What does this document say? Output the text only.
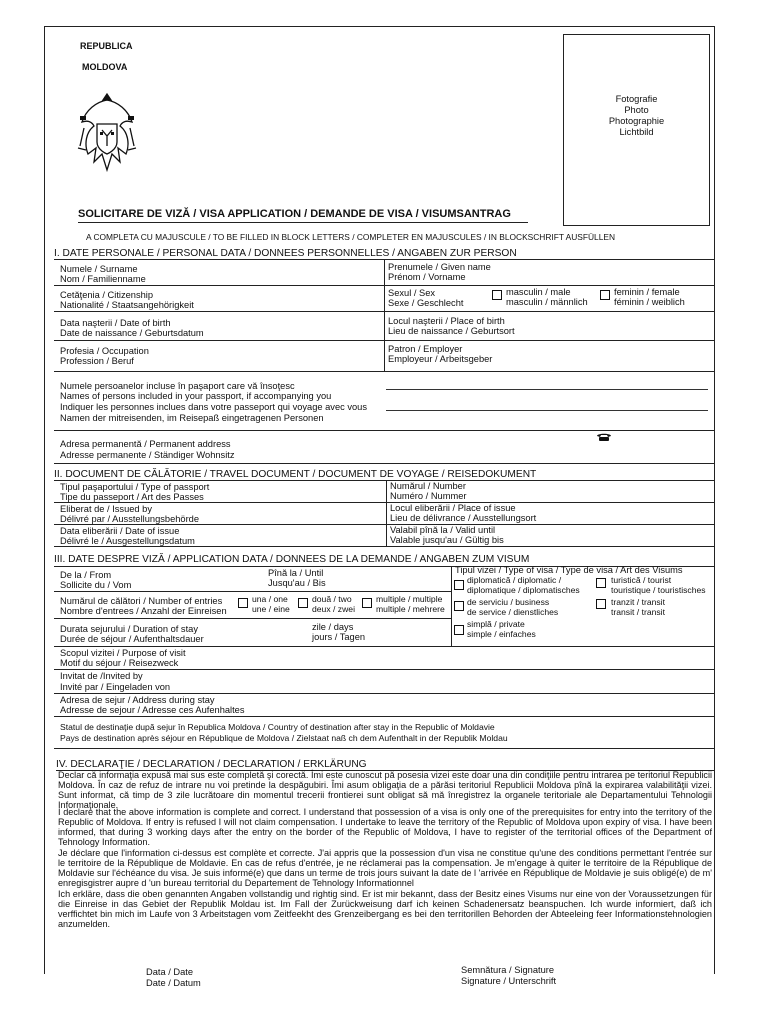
REPUBLICA
MOLDOVA
Fotografie
Photo
Photographie
Lichtbild
SOLICITARE DE VIZĂ / VISA APPLICATION / DEMANDE DE VISA / VISUMSANTRAG
A COMPLETA CU MAJUSCULE / TO BE FILLED IN BLOCK LETTERS / COMPLETER EN MAJUSCULES / IN BLOCKSCHRIFT AUSFÜLLEN
I. DATE PERSONALE / PERSONAL DATA / DONNEES PERSONNELLES / ANGABEN ZUR PERSON
Numele / Surname
Nom / Familienname
Prenumele / Given name
Prénom / Vorname
Cetăţenia / Citizenship
Nationalité / Staatsangehörigkeit
Sexul / Sex
Sexe / Geschlecht
masculin / male
masculin / männlich
feminin / female
féminin / weiblich
Data naşterii / Date of birth
Date de naissance / Geburtsdatum
Locul naşterii / Place of birth
Lieu de naissance / Geburtsort
Profesia / Occupation
Profession / Beruf
Patron / Employer
Employeur / Arbeitsgeber
Numele persoanelor incluse în paşaport care vă însoţesc
Names of persons included in your passport, if accompanying you
Indiquer les personnes inclues dans votre passeport qui voyage avec vous
Namen der mitreisenden, im Reisepaß eingetragenen Personen
Adresa permanentă / Permanent address
Adresse permanente / Ständiger Wohnsitz
II. DOCUMENT DE CĂLĂTORIE / TRAVEL DOCUMENT / DOCUMENT DE VOYAGE / REISEDOKUMENT
Tipul paşaportului / Type of passport
Tipe du passeport / Art des Passes
Eliberat de / Issued by
Délivré par / Ausstellungsbehörde
Data eliberării / Date of issue
Délivré le / Ausgestellungsdatum
Numărul / Number
Numéro / Nummer
Locul eliberării / Place of issue
Lieu de délivrance / Ausstellungsort
Valabil pînă la / Valid until
Valable jusqu'au / Gültig bis
III. DATE DESPRE VIZĂ / APPLICATION DATA / DONNEES DE LA DEMANDE / ANGABEN ZUM VISUM
De la / From
Sollicite du / Vom
Pînă la / Until
Jusqu'au / Bis
Tipul vizei / Type of visa / Type de visa / Art des Visums
diplomatică / diplomatic /
diplomatique / diplomatisches
turistică / tourist
touristique / touristisches
Numărul de călători / Number of entries
Nombre d'entrees / Anzahl der Einreisen
una / one
une / eine
două / two
deux / zwei
multiple / multiple
multiple / mehrere
de serviciu / business
de service / dienstliches
tranzit / transit
transit / transit
Durata sejurului / Duration of stay
Durée de séjour / Aufenthaltsdauer
zile / days
jours / Tagen
simplă / private
simple / einfaches
Scopul vizitei / Purpose of visit
Motif du séjour / Reisezweck
Invitat de /Invited by
Invité par / Eingeladen von
Adresa de sejur / Address during stay
Adresse de sejour / Adresse ces Aufenhaltes
Statul de destinaţie după sejur în Republica Moldova / Country of destination after stay in the Republic of Moldavie
Pays de destination après séjour en République de Moldova / Zielstaat naß ch dem Aufenthalt in der Republik Moldau
IV. DECLARAŢIE / DECLARATION / DECLARATION / ERKLÄRUNG
Declar că informaţia expusă mai sus este completă şi corectă. Îmi este cunoscut pă posesia vizei este doar una din condiţiile pentru intrarea pe teritoriul Republicii Moldova. În caz de refuz de intrare nu voi pretinde la despăgubiri. Îmi asum obligaţia de a părăsi teritoriul Republicii Moldova pînă la expirarea valabilităţii vizei. Sunt informat, că timp de 3 zile lucrătoare din momentul trecerii frontierei sunt obligat să mă înregistrez la organele teritoriale ale Departamentului Tehnologii Informaţionale.
I declare that the above information is complete and correct. I understand that possession of a visa is only one of the prerequisites for entry into the territory of the Republic of Moldova. If entry is refused I will not claim compensation. I undertake to leave the territory of the Republic of Moldova upon expiry of visa. I have been informed, that during 3 working days after the entry on the border of the Republic of Moldova, I have to register of the territorial offices of the Department of Tehnology Information.
Je déclare que l'information ci-dessus est complète et correcte. J'ai appris que la possession d'un visa ne constitue qu'une des conditions permettant l'entrée sur le territoire de la République de Moldavie. En cas de refus d'entrée, je ne réclamerai pas la compensation. Je m'engage à quiter le territoire de la République de Moldavie sur l'échéance du visa. Je suis informé(e) que dans un terme de trois jours suivant la date de l 'arrivée en République de Moldavie je suis obligé(e) de m' enregisgistrer aupre d 'un bureau territorial du Departement de Tehnology Informationnel
Ich erkläre, dass die oben genannten Angaben vollstandig und rightig sind. Er ist mir bekannt, dass der Besitz eines Visums nur eine von der Voraussetzungen für die Einreise in das Gebiet der Republik Moldau ist. Im Fall der Zurückweisung darf ich keinen Schadenersatz beanspuchen. Ich wurde informiert, daß ich verffichtet bin mich im Laufe von 3 Arbeitstagen vom Zeitfeekht des Grenzeibergang es bei den territorillen Behorden der Abteeleing feer Informationstehnologien anzumelden.
Data / Date
Date / Datum
Semnătura / Signature
Signature / Unterschrift
